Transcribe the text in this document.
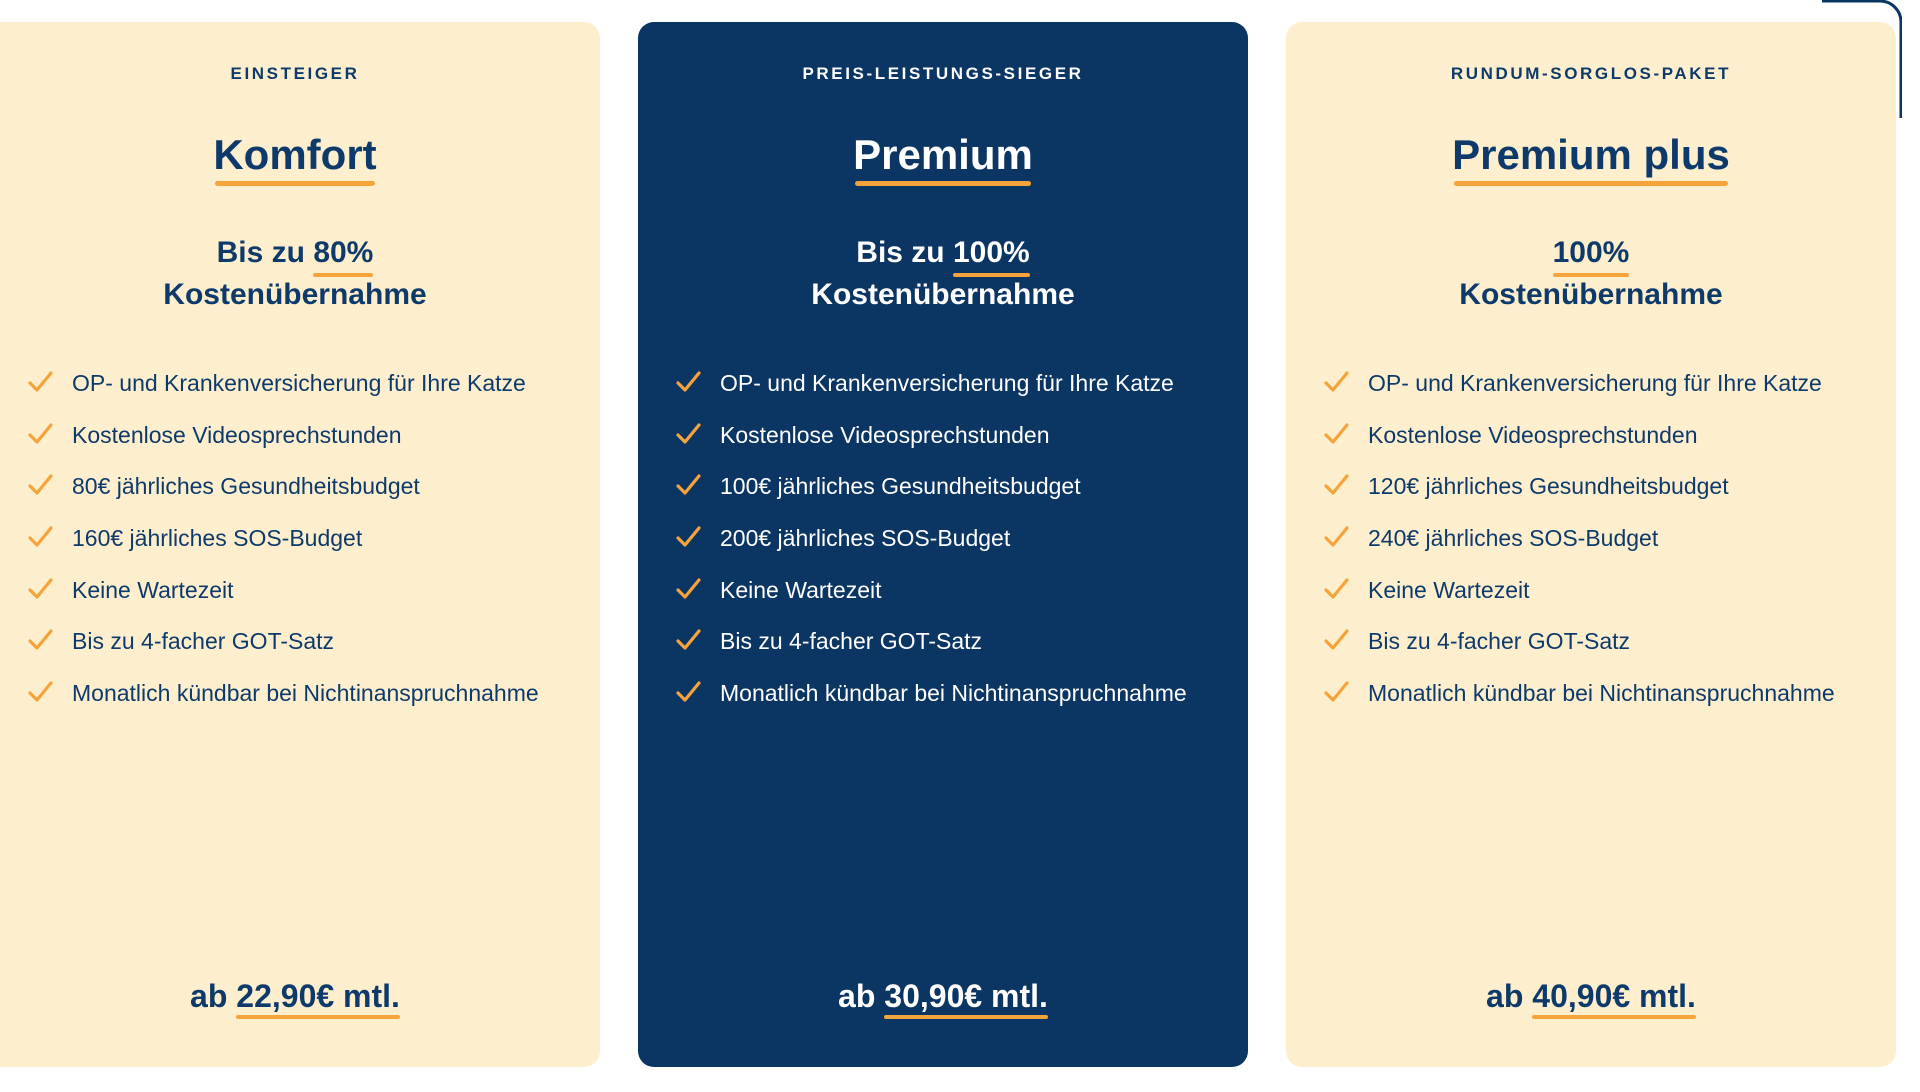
EINSTEIGER
Komfort
Bis zu 80%
Kostenübernahme
OP- und Krankenversicherung für Ihre Katze
Kostenlose Videosprechstunden
80€ jährliches Gesundheitsbudget
160€ jährliches SOS-Budget
Keine Wartezeit
Bis zu 4-facher GOT-Satz
Monatlich kündbar bei Nichtinanspruchnahme
ab 22,90€ mtl.
PREIS-LEISTUNGS-SIEGER
Premium
Bis zu 100%
Kostenübernahme
OP- und Krankenversicherung für Ihre Katze
Kostenlose Videosprechstunden
100€ jährliches Gesundheitsbudget
200€ jährliches SOS-Budget
Keine Wartezeit
Bis zu 4-facher GOT-Satz
Monatlich kündbar bei Nichtinanspruchnahme
ab 30,90€ mtl.
RUNDUM-SORGLOS-PAKET
Premium plus
100%
Kostenübernahme
OP- und Krankenversicherung für Ihre Katze
Kostenlose Videosprechstunden
120€ jährliches Gesundheitsbudget
240€ jährliches SOS-Budget
Keine Wartezeit
Bis zu 4-facher GOT-Satz
Monatlich kündbar bei Nichtinanspruchnahme
ab 40,90€ mtl.
